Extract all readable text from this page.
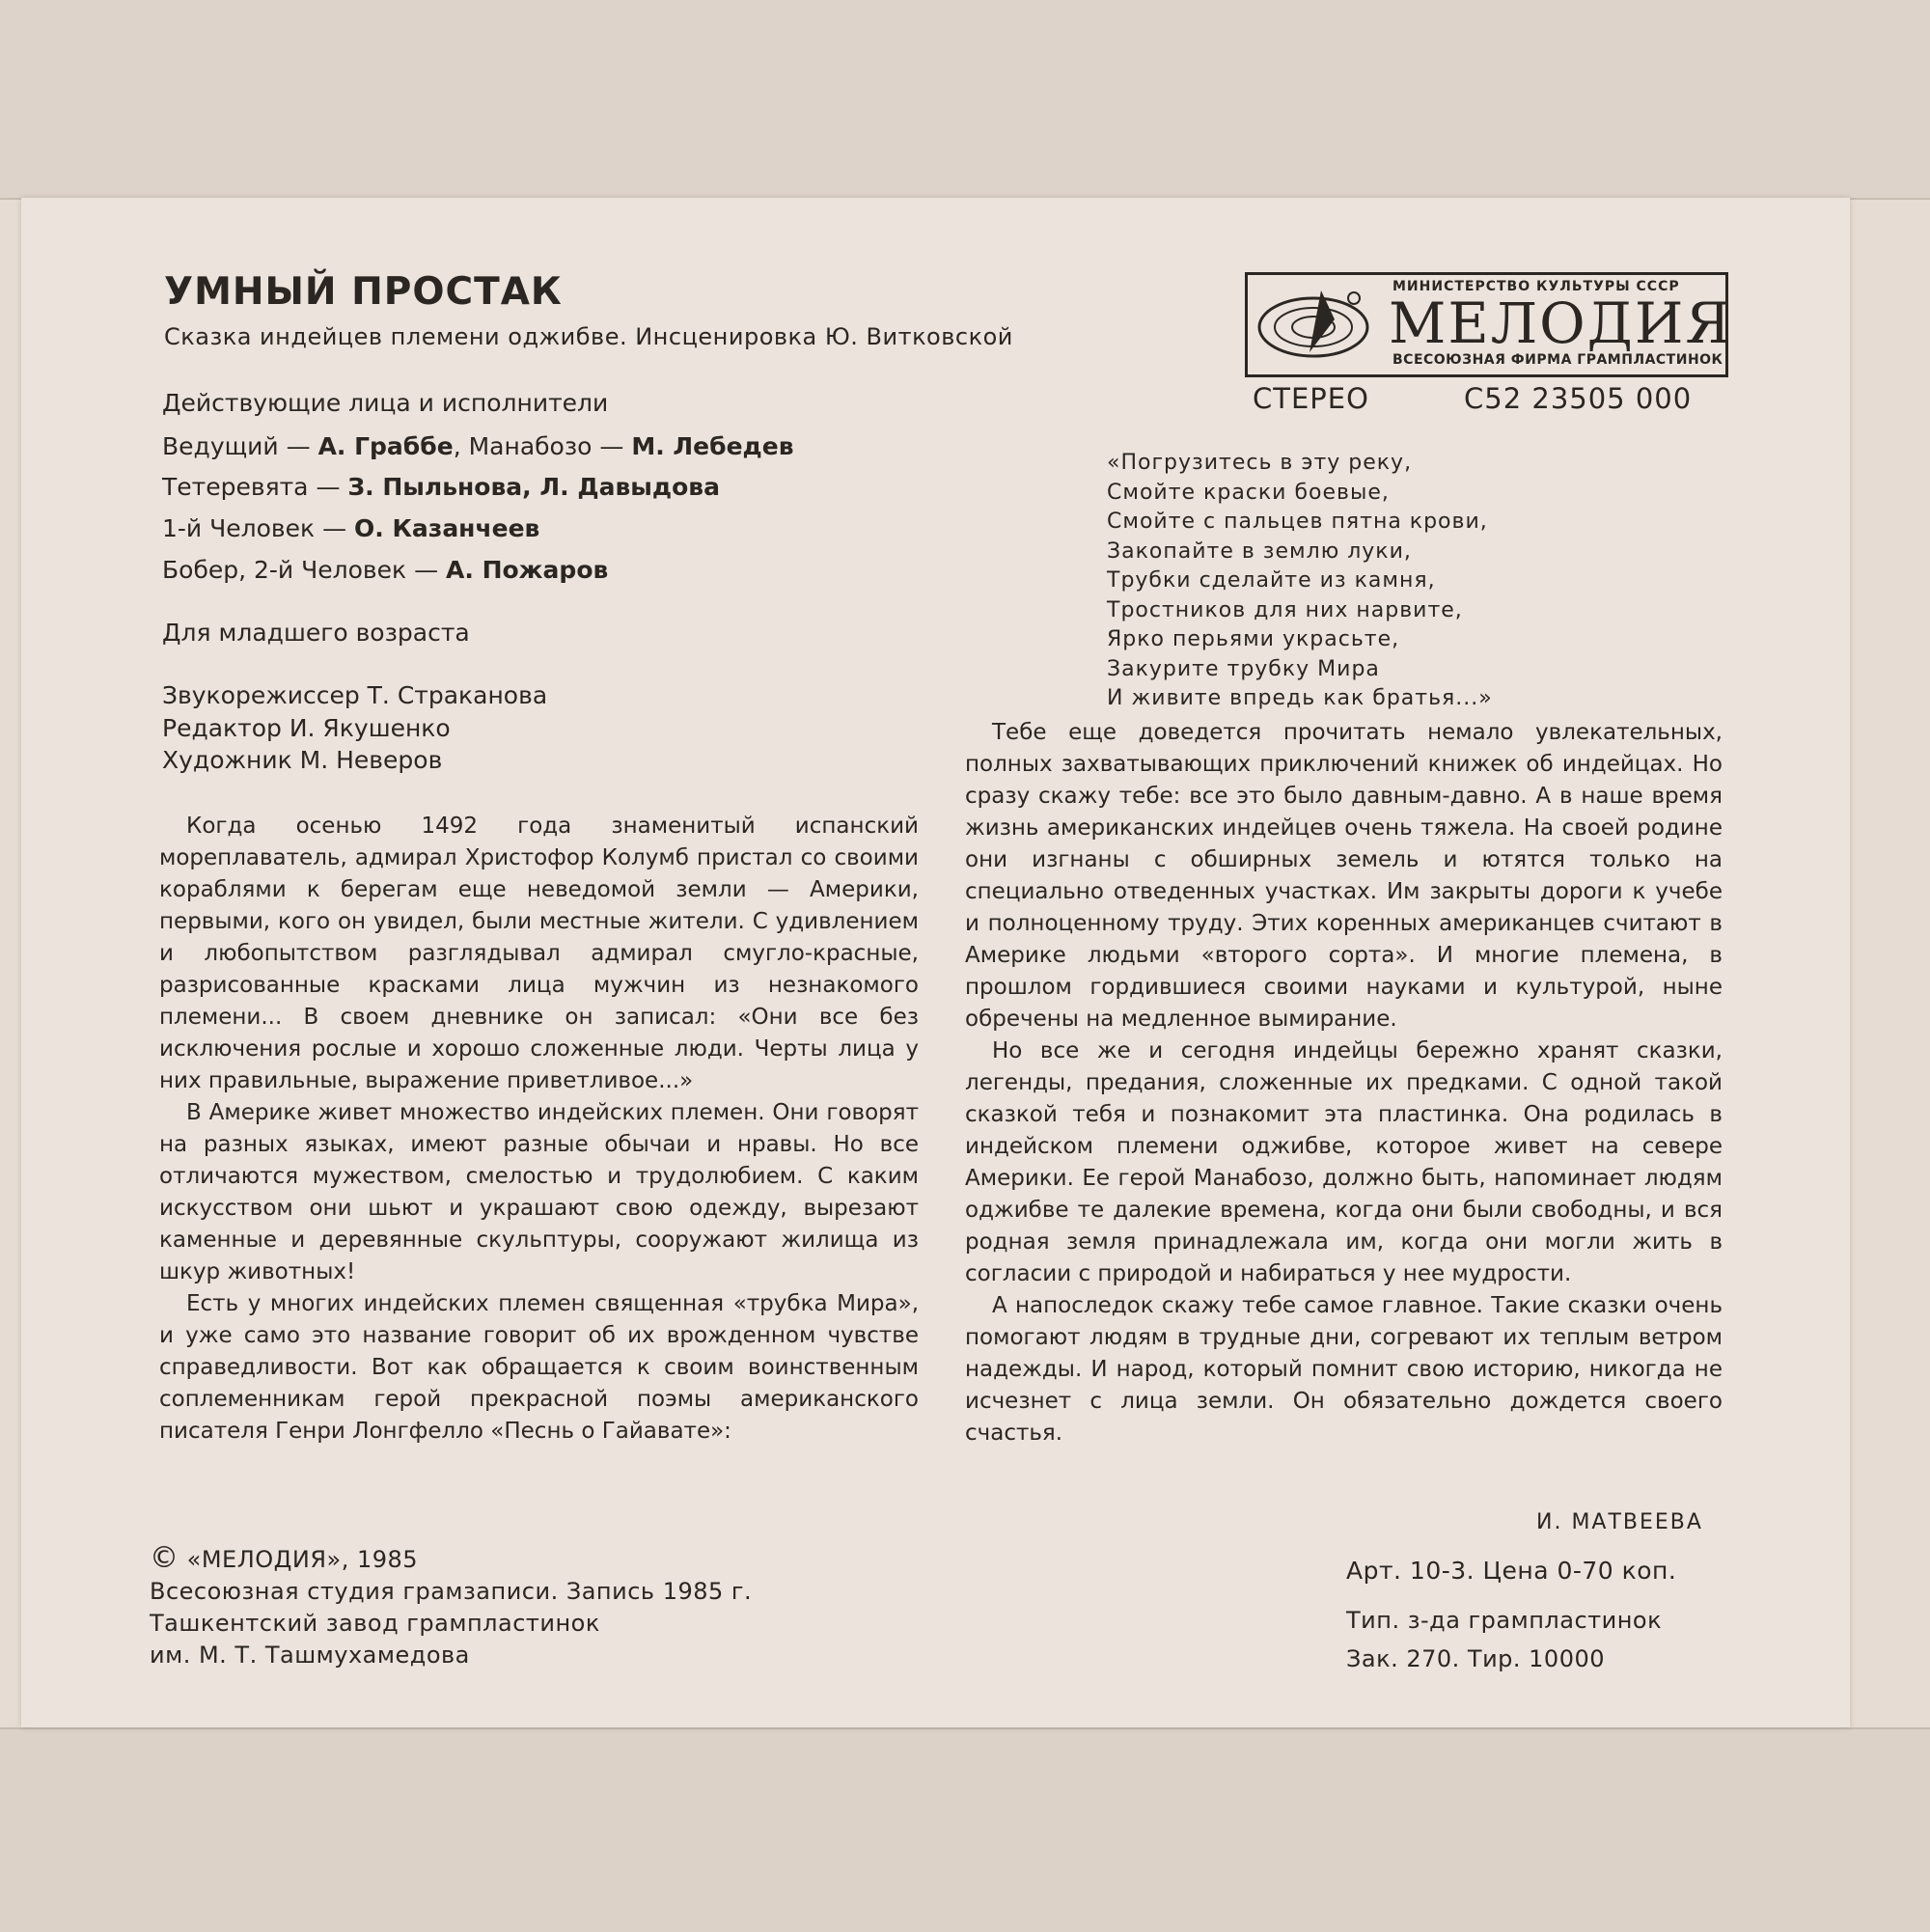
УМНЫЙ ПРОСТАК
Сказка индейцев племени оджибве. Инсценировка Ю. Витковской
Действующие лица и исполнители
Ведущий — А. Граббе, Манабозо — М. Лебедев
Тетеревята — З. Пыльнова, Л. Давыдова
1-й Человек — О. Казанчеев
Бобер, 2-й Человек — А. Пожаров
Для младшего возраста
Звукорежиссер Т. Страканова
Редактор И. Якушенко
Художник М. Неверов
МИНИСТЕРСТВО КУЛЬТУРЫ СССР
МЕЛОДИЯ
ВСЕСОЮЗНАЯ ФИРМА ГРАМПЛАСТИНОК
СТЕРЕО	С52 23505 000
«Погрузитесь в эту реку,
Смойте краски боевые,
Смойте с пальцев пятна крови,
Закопайте в землю луки,
Трубки сделайте из камня,
Тростников для них нарвите,
Ярко перьями украсьте,
Закурите трубку Мира
И живите впредь как братья...»

Когда осенью 1492 года знаменитый испанский мореплаватель, адмирал Христофор Колумб пристал со своими кораблями к берегам еще неведомой земли — Америки, первыми, кого он увидел, были местные жители. С удивлением и любопытством разглядывал адмирал смугло-красные, разрисованные красками лица мужчин из незнакомого племени... В своем дневнике он записал: «Они все без исключения рослые и хорошо сложенные люди. Черты лица у них правильные, выражение приветливое...»

В Америке живет множество индейских племен. Они говорят на разных языках, имеют разные обычаи и нравы. Но все отличаются мужеством, смелостью и трудолюбием. С каким искусством они шьют и украшают свою одежду, вырезают каменные и деревянные скульптуры, сооружают жилища из шкур животных!

Есть у многих индейских племен священная «трубка Мира», и уже само это название говорит об их врожденном чувстве справедливости. Вот как обращается к своим воинственным соплеменникам герой прекрасной поэмы американского писателя Генри Лонгфелло «Песнь о Гайавате»:

Тебе еще доведется прочитать немало увлекательных, полных захватывающих приключений книжек об индейцах. Но сразу скажу тебе: все это было давным-давно. А в наше время жизнь американских индейцев очень тяжела. На своей родине они изгнаны с обширных земель и ютятся только на специально отведенных участках. Им закрыты дороги к учебе и полноценному труду. Этих коренных американцев считают в Америке людьми «второго сорта». И многие племена, в прошлом гордившиеся своими науками и культурой, ныне обречены на медленное вымирание.

Но все же и сегодня индейцы бережно хранят сказки, легенды, предания, сложенные их предками. С одной такой сказкой тебя и познакомит эта пластинка. Она родилась в индейском племени оджибве, которое живет на севере Америки. Ее герой Манабозо, должно быть, напоминает людям оджибве те далекие времена, когда они были свободны, и вся родная земля принадлежала им, когда они могли жить в согласии с природой и набираться у нее мудрости.

А напоследок скажу тебе самое главное. Такие сказки очень помогают людям в трудные дни, согревают их теплым ветром надежды. И народ, который помнит свою историю, никогда не исчезнет с лица земли. Он обязательно дождется своего счастья.

И. МАТВЕЕВА
© «МЕЛОДИЯ», 1985
Всесоюзная студия грамзаписи. Запись 1985 г.
Ташкентский завод грампластинок
им. М. Т. Ташмухамедова
Арт. 10-3. Цена 0-70 коп.
Тип. з-да грампластинок
Зак. 270. Тир. 10000
